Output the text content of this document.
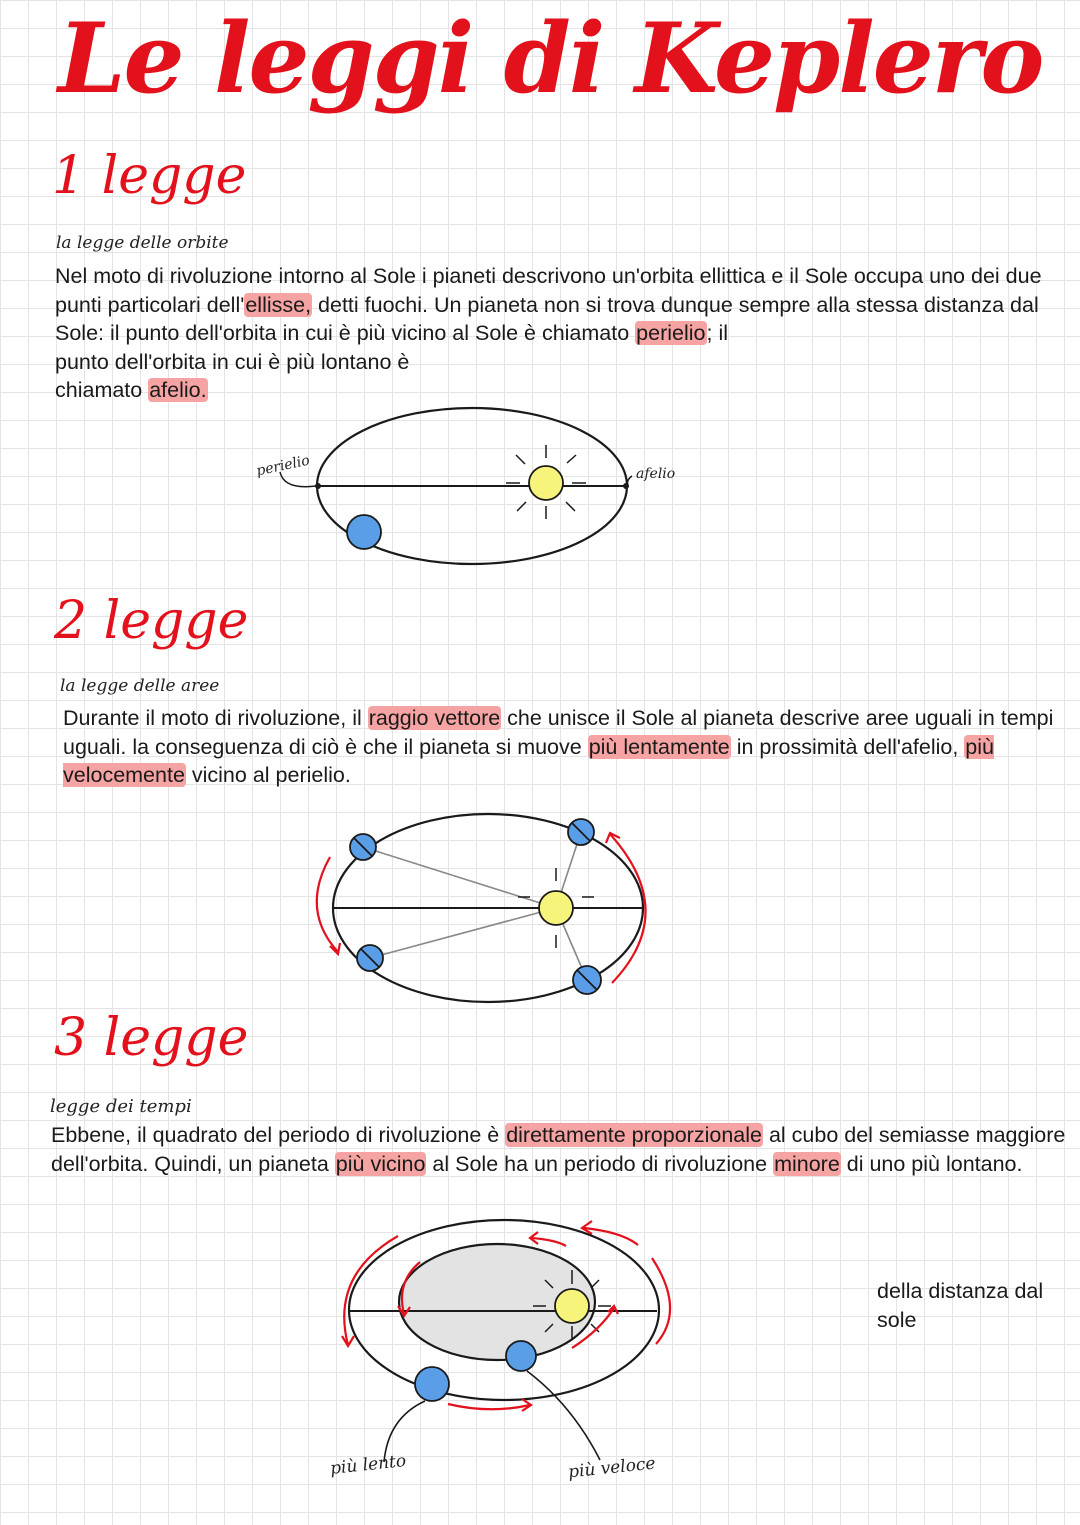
Le leggi di Keplero
1 legge
la legge delle orbite

Nel moto di rivoluzione intorno al Sole i pianeti descrivono un'orbita ellittica e il Sole occupa uno dei due punti particolari dell'ellisse, detti fuochi. Un pianeta non si trova dunque sempre alla stessa distanza dal Sole: il punto dell'orbita in cui è più vicino al Sole è chiamato perielio; il
punto dell'orbita in cui è più lontano è
chiamato afelio.

perielio	afelio
2 legge
la legge delle aree

Durante il moto di rivoluzione, il raggio vettore che unisce il Sole al pianeta descrive aree uguali in tempi uguali. la conseguenza di ciò è che il pianeta si muove più lentamente in prossimità dell'afelio, più velocemente vicino al perielio.

3 legge
legge dei tempi

Ebbene, il quadrato del periodo di rivoluzione è direttamente proporzionale al cubo del semiasse maggiore dell'orbita. Quindi, un pianeta più vicino al Sole ha un periodo di rivoluzione minore di uno più lontano.

della distanza dal sole
più lento	più veloce
